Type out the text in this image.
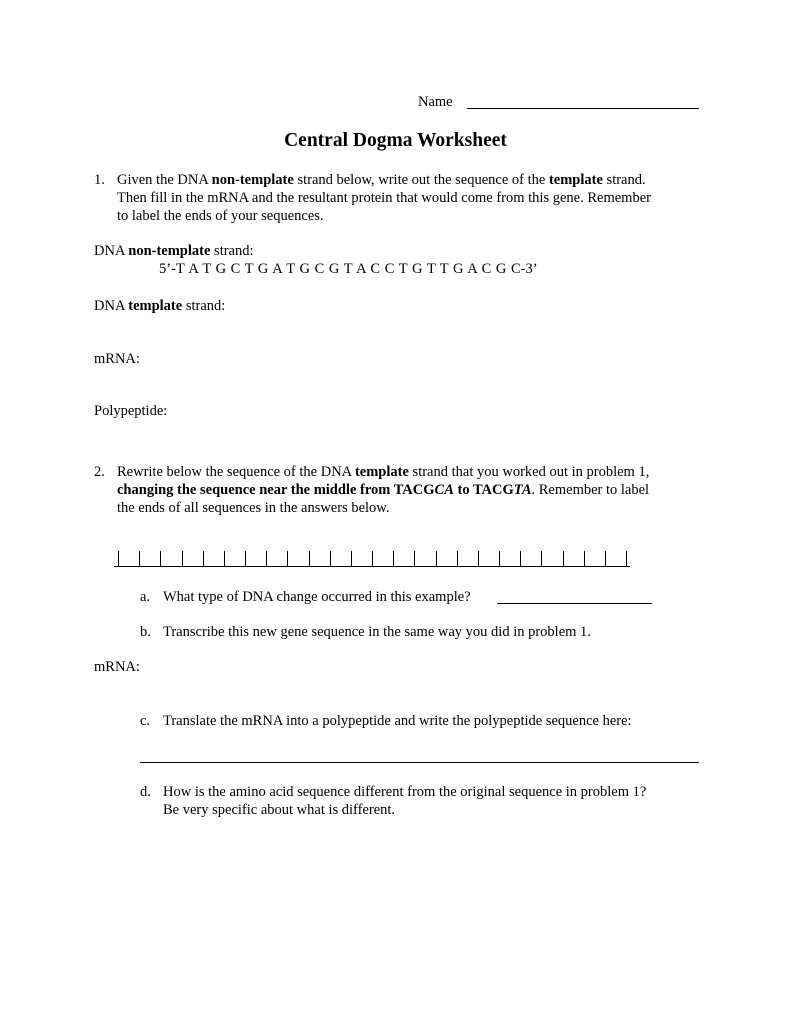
Name
Central Dogma Worksheet
1. Given the DNA non-template strand below, write out the sequence of the template strand.
Then fill in the mRNA and the resultant protein that would come from this gene. Remember
to label the ends of your sequences.
DNA non-template strand:
5’-T A T G C T G A T G C G T A C C T G T T G A C G C-3’
DNA template strand:
mRNA:
Polypeptide:
2. Rewrite below the sequence of the DNA template strand that you worked out in problem 1,
changing the sequence near the middle from TACGCA to TACGTA. Remember to label
the ends of all sequences in the answers below.
a. What type of DNA change occurred in this example?
b. Transcribe this new gene sequence in the same way you did in problem 1.
mRNA:
c. Translate the mRNA into a polypeptide and write the polypeptide sequence here:
d. How is the amino acid sequence different from the original sequence in problem 1?
Be very specific about what is different.
